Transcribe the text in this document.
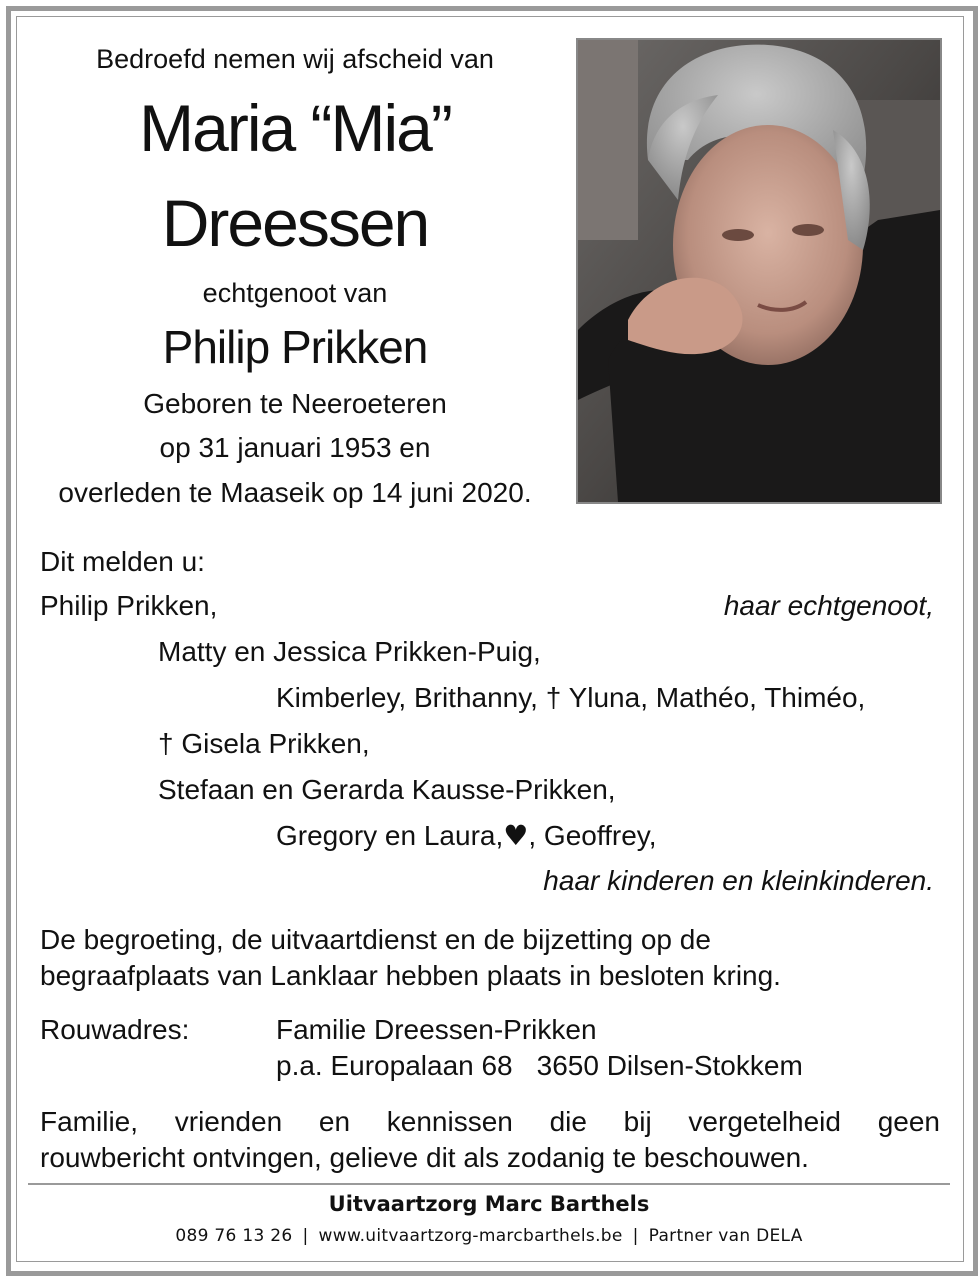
Bedroefd nemen wij afscheid van
Maria “Mia”
Dreessen
echtgenoot van
Philip Prikken
Geboren te Neeroeteren
op 31 januari 1953 en
overleden te Maaseik op 14 juni 2020.
Dit melden u:
Philip Prikken,	haar echtgenoot,
Matty en Jessica Prikken-Puig,
Kimberley, Brithanny, † Yluna, Mathéo, Thiméo,
† Gisela Prikken,
Stefaan en Gerarda Kausse-Prikken,
Gregory en Laura,♥, Geoffrey,
haar kinderen en kleinkinderen.
De begroeting, de uitvaartdienst en de bijzetting op de
begraafplaats van Lanklaar hebben plaats in besloten kring.
Rouwadres:	Familie Dreessen-Prikken
p.a. Europalaan 68 3650 Dilsen-Stokkem
Familie, vrienden en kennissen die bij vergetelheid geen
rouwbericht ontvingen, gelieve dit als zodanig te beschouwen.
Uitvaartzorg Marc Barthels
089 76 13 26 | www.uitvaartzorg-marcbarthels.be | Partner van DELA
